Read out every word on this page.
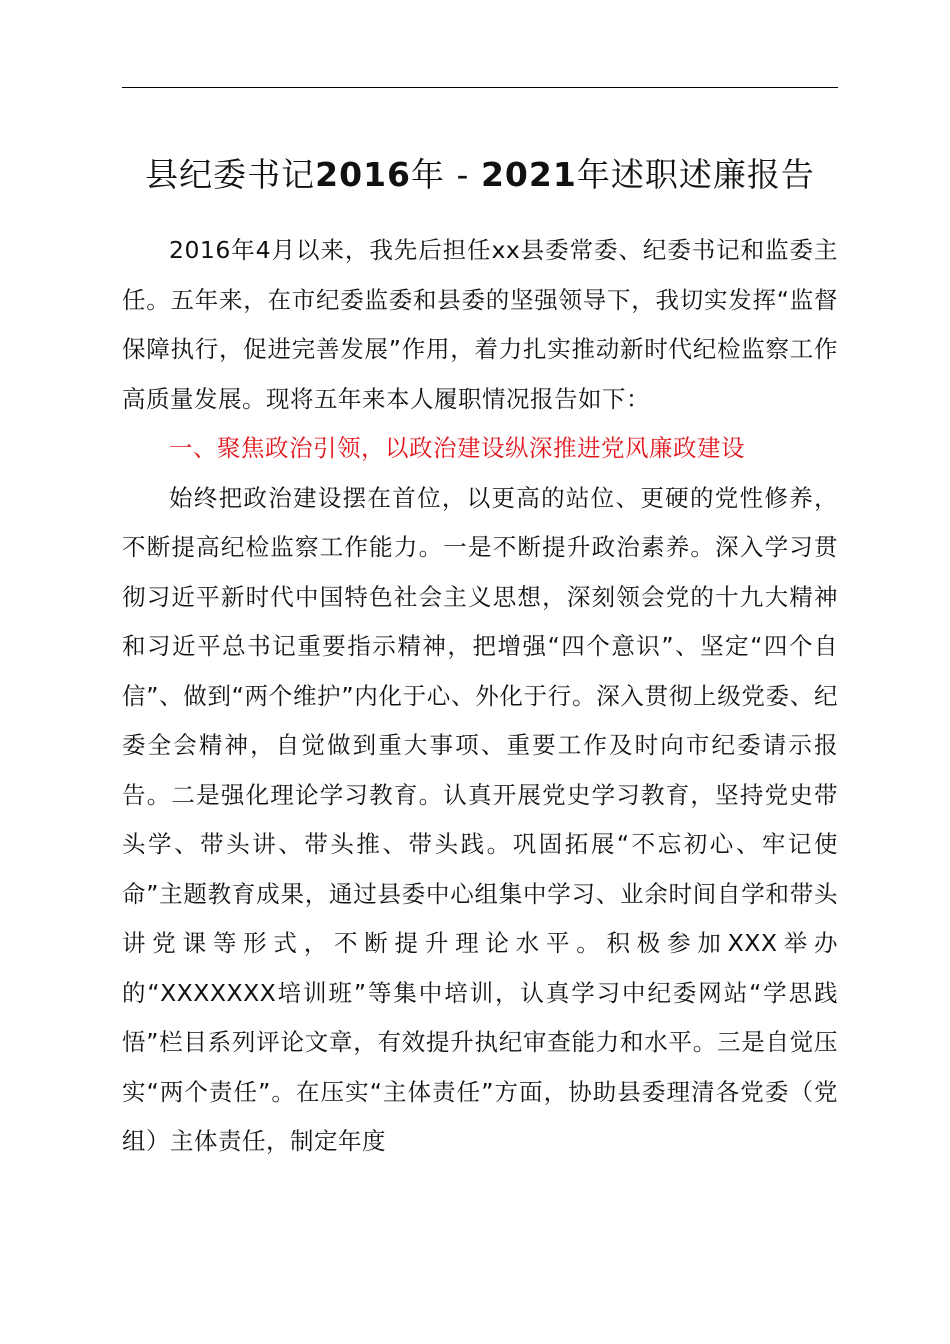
县纪委书记2016年 - 2021年述职述廉报告

2016年4月以来，我先后担任xx县委常委、纪委书记和监委主任。五年来，在市纪委监委和县委的坚强领导下，我切实发挥“监督保障执行，促进完善发展”作用，着力扎实推动新时代纪检监察工作高质量发展。现将五年来本人履职情况报告如下：

一、聚焦政治引领，以政治建设纵深推进党风廉政建设

始终把政治建设摆在首位，以更高的站位、更硬的党性修养，不断提高纪检监察工作能力。一是不断提升政治素养。深入学习贯彻习近平新时代中国特色社会主义思想，深刻领会党的十九大精神和习近平总书记重要指示精神，把增强“四个意识”、坚定“四个自信”、做到“两个维护”内化于心、外化于行。深入贯彻上级党委、纪委全会精神，自觉做到重大事项、重要工作及时向市纪委请示报告。二是强化理论学习教育。认真开展党史学习教育，坚持党史带头学、带头讲、带头推、带头践。巩固拓展“不忘初心、牢记使命”主题教育成果，通过县委中心组集中学习、业余时间自学和带头讲党课等形式，不断提升理论水平。积极参加XXX举办的“XXXXXXX培训班”等集中培训，认真学习中纪委网站“学思践悟”栏目系列评论文章，有效提升执纪审查能力和水平。三是自觉压实“两个责任”。在压实“主体责任”方面，协助县委理清各党委（党组）主体责任，制定年度
